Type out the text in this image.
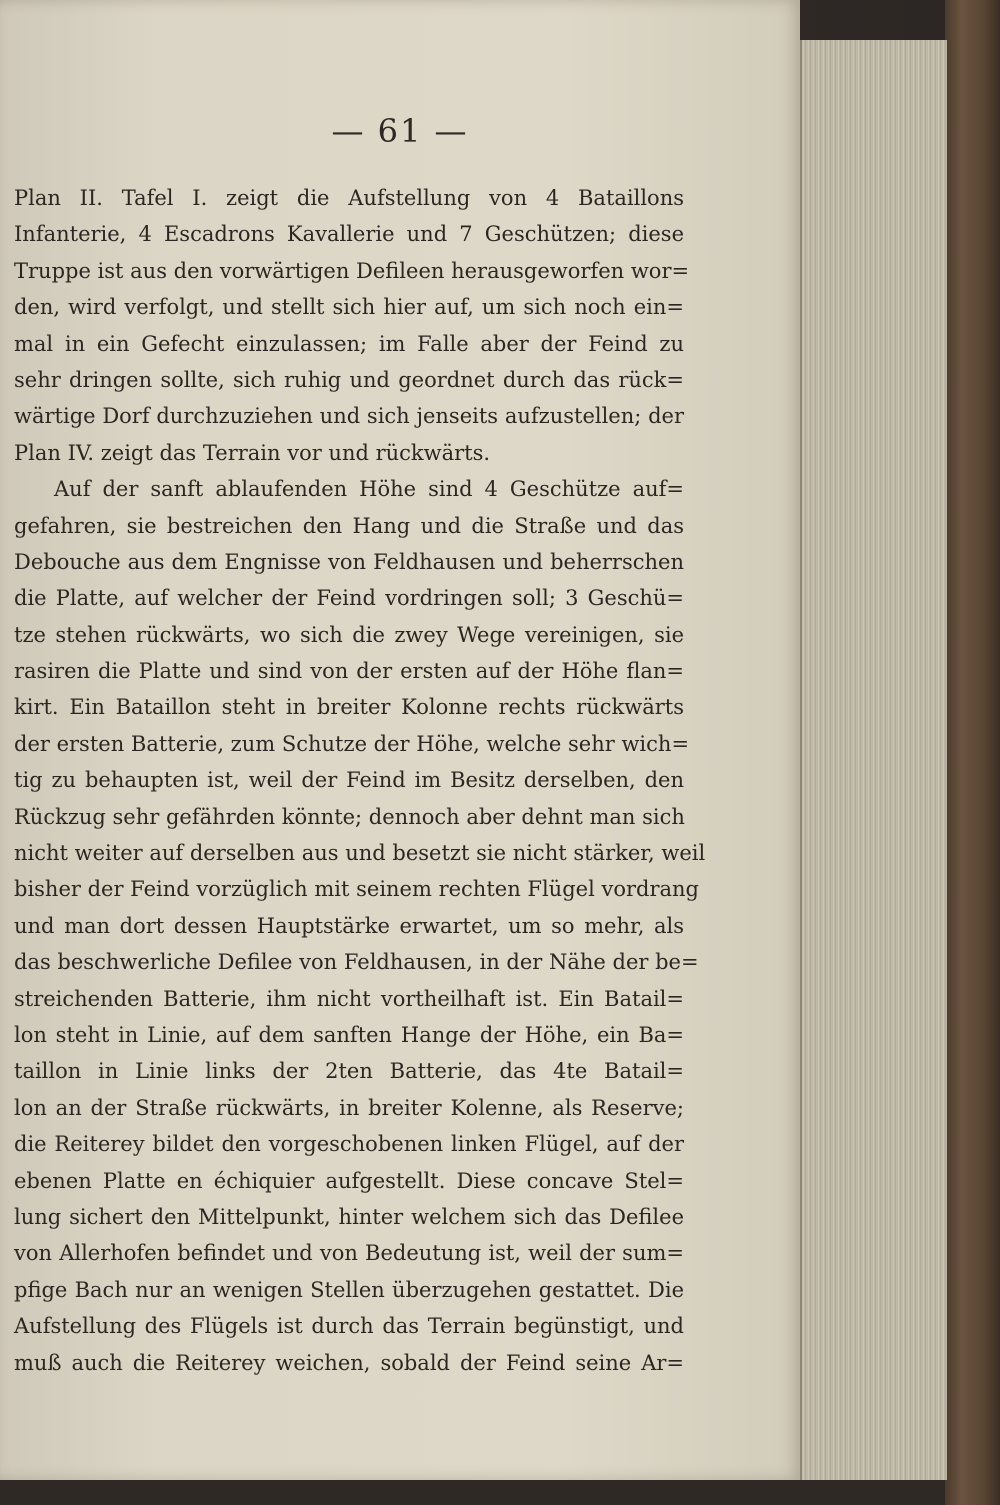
— 61 —
Plan II. Tafel I. zeigt die Aufstellung von 4 Bataillons
Infanterie, 4 Escadrons Kavallerie und 7 Geschützen; diese
Truppe ist aus den vorwärtigen Defileen herausgeworfen wor=
den, wird verfolgt, und stellt sich hier auf, um sich noch ein=
mal in ein Gefecht einzulassen; im Falle aber der Feind zu
sehr dringen sollte, sich ruhig und geordnet durch das rück=
wärtige Dorf durchzuziehen und sich jenseits aufzustellen; der
Plan IV. zeigt das Terrain vor und rückwärts.
Auf der sanft ablaufenden Höhe sind 4 Geschütze auf=
gefahren, sie bestreichen den Hang und die Straße und das
Debouche aus dem Engnisse von Feldhausen und beherrschen
die Platte, auf welcher der Feind vordringen soll; 3 Geschü=
tze stehen rückwärts, wo sich die zwey Wege vereinigen, sie
rasiren die Platte und sind von der ersten auf der Höhe flan=
kirt. Ein Bataillon steht in breiter Kolonne rechts rückwärts
der ersten Batterie, zum Schutze der Höhe, welche sehr wich=
tig zu behaupten ist, weil der Feind im Besitz derselben, den
Rückzug sehr gefährden könnte; dennoch aber dehnt man sich
nicht weiter auf derselben aus und besetzt sie nicht stärker, weil
bisher der Feind vorzüglich mit seinem rechten Flügel vordrang
und man dort dessen Hauptstärke erwartet, um so mehr, als
das beschwerliche Defilee von Feldhausen, in der Nähe der be=
streichenden Batterie, ihm nicht vortheilhaft ist. Ein Batail=
lon steht in Linie, auf dem sanften Hange der Höhe, ein Ba=
taillon in Linie links der 2ten Batterie, das 4te Batail=
lon an der Straße rückwärts, in breiter Kolenne, als Reserve;
die Reiterey bildet den vorgeschobenen linken Flügel, auf der
ebenen Platte en échiquier aufgestellt. Diese concave Stel=
lung sichert den Mittelpunkt, hinter welchem sich das Defilee
von Allerhofen befindet und von Bedeutung ist, weil der sum=
pfige Bach nur an wenigen Stellen überzugehen gestattet. Die
Aufstellung des Flügels ist durch das Terrain begünstigt, und
muß auch die Reiterey weichen, sobald der Feind seine Ar=
